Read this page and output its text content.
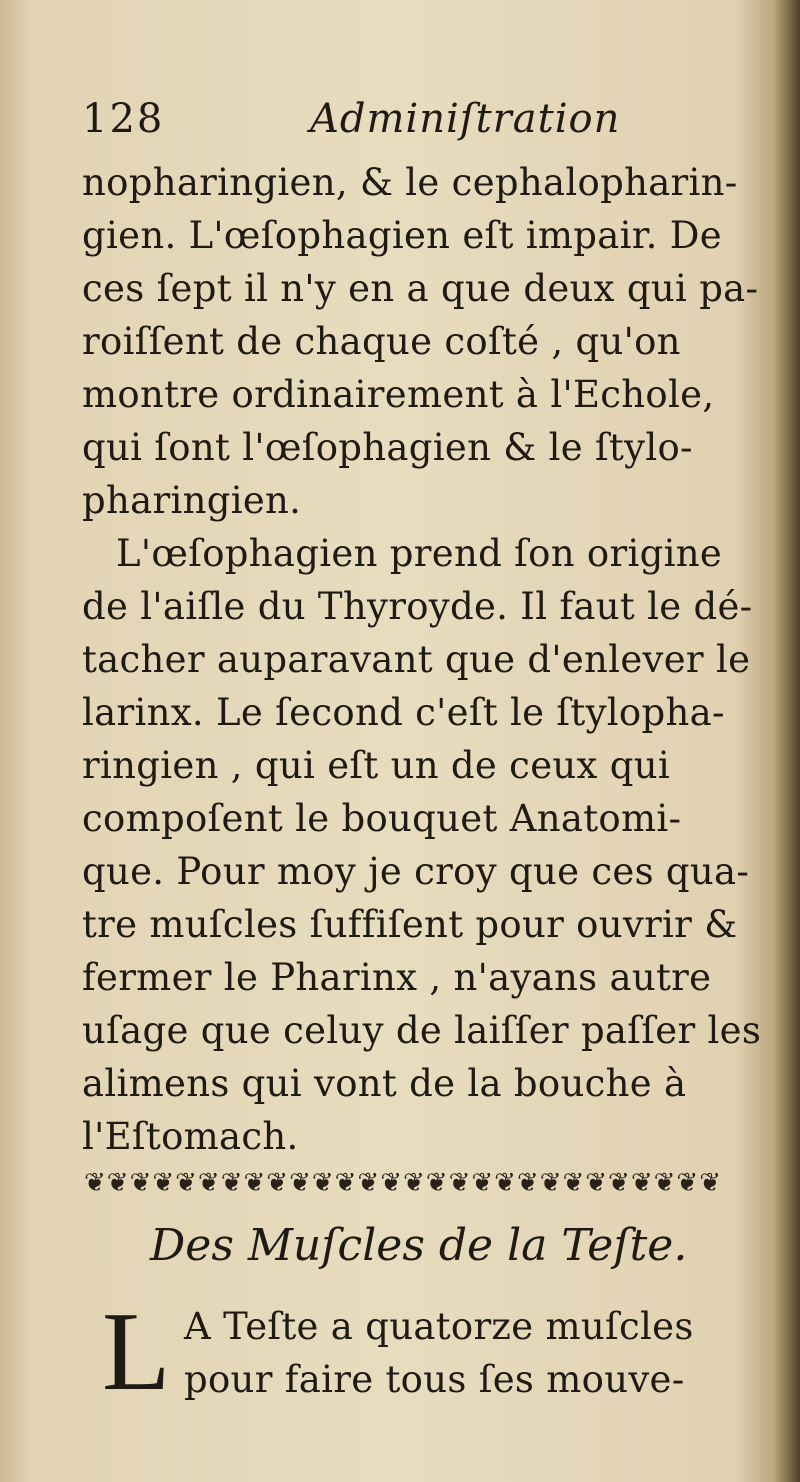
128	Adminiſtration
nopharingien, & le cephalopharin-
gien. L'œſophagien eſt impair. De
ces ſept il n'y en a que deux qui pa-
roiſſent de chaque coſté , qu'on
montre ordinairement à l'Echole,
qui ſont l'œſophagien & le ſtylo-
pharingien.
L'œſophagien prend ſon origine
de l'aiſle du Thyroyde. Il faut le dé-
tacher auparavant que d'enlever le
larinx. Le ſecond c'eſt le ſtylopha-
ringien , qui eſt un de ceux qui
compoſent le bouquet Anatomi-
que. Pour moy je croy que ces qua-
tre muſcles ſuffiſent pour ouvrir &
fermer le Pharinx , n'ayans autre
uſage que celuy de laiſſer paſſer les
alimens qui vont de la bouche à
l'Eſtomach.
❦❦❦❦❦❦❦❦❦❦❦❦❦❦❦❦❦❦❦❦❦❦❦❦❦❦❦❦
Des Muſcles de la Teſte.
L A Teſte a quatorze muſcles
pour faire tous ſes mouve-
